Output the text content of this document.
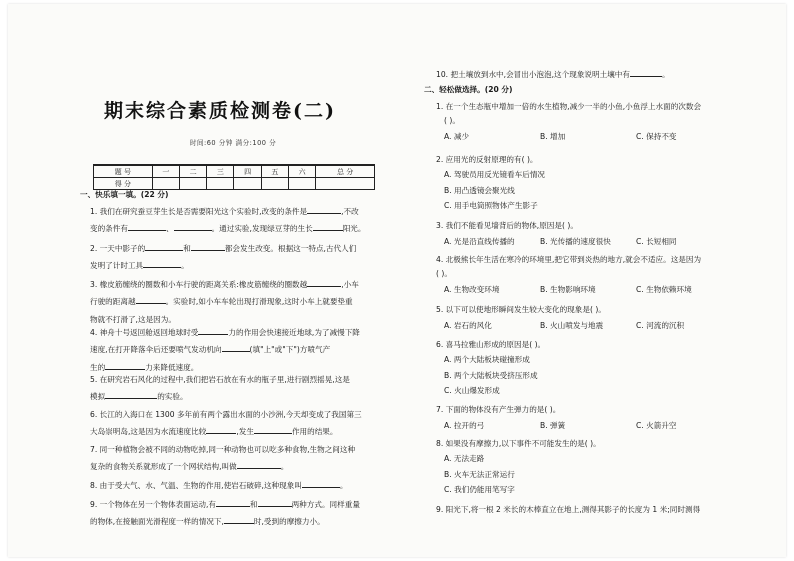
期末综合素质检测卷(二)
时间:60 分钟 满分:100 分
题 号	一	二	三	四	五	六	总 分
得 分							
一、快乐填一填。(22 分)
1. 我们在研究蚕豆芽生长是否需要阳光这个实验时,改变的条件是	,不改
变的条件有	、	。通过实验,发现绿豆芽的生长	阳光。
2. 一天中影子的	和	都会发生改变。根据这一特点,古代人们
发明了计时工具	。
3. 橡皮筋缠绕的圈数和小车行驶的距离关系:橡皮筋缠绕的圈数越	,小车
行驶的距离越	。实验时,如小车车轮出现打滑现象,这时小车上就要垫重
物就不打滑了,这是因为。
4. 神舟十号返回舱返回地球时受	力的作用会快速接近地球,为了减慢下降
速度,在打开降落伞后还要喷气发动机向	(填"上"或"下")方喷气产
生的	力来降低速度。
5. 在研究岩石风化的过程中,我们把岩石放在有水的瓶子里,进行剧烈摇晃,这是
模拟	的实验。
6. 长江的入海口在 1300 多年前有两个露出水面的小沙洲,今天却变成了我国第三
大岛崇明岛,这是因为水流速度比较	,发生	作用的结果。
7. 同一种植物会被不同的动物吃掉,同一种动物也可以吃多种食物,生物之间这种
复杂的食物关系就形成了一个网状结构,叫做	。
8. 由于受大气、水、气温、生物的作用,使岩石破碎,这种现象叫	。
9. 一个物体在另一个物体表面运动,有	和	两种方式。同样重量
的物体,在接触面光滑程度一样的情况下,	时,受到的摩擦力小。
10. 把土壤放到水中,会冒出小泡泡,这个现象说明土壤中有	。
二、轻松做选择。(20 分)
1. 在一个生态瓶中增加一倍的水生植物,减少一半的小鱼,小鱼浮上水面的次数会
( )。
A. 减少	B. 增加	C. 保持不变
2. 应用光的反射原理的有( )。
A. 驾驶员用反光镜看车后情况
B. 用凸透镜会聚光线
C. 用手电筒照物体产生影子
3. 我们不能看见墙背后的物体,原因是( )。
A. 光是沿直线传播的	B. 光传播的速度很快	C. 长短相同
4. 北极熊长年生活在寒冷的环境里,把它带到炎热的地方,就会不适应。这是因为
( )。
A. 生物改变环境	B. 生物影响环境	C. 生物依赖环境
5. 以下可以使地形瞬间发生较大变化的现象是( )。
A. 岩石的风化	B. 火山喷发与地震	C. 河流的沉积
6. 喜马拉雅山形成的原因是( )。
A. 两个大陆板块碰撞形成
B. 两个大陆板块受挤压形成
C. 火山爆发形成
7. 下面的物体没有产生弹力的是( )。
A. 拉开的弓	B. 弹簧	C. 火箭升空
8. 如果没有摩擦力,以下事件不可能发生的是( )。
A. 无法走路
B. 火车无法正常运行
C. 我们仍能用笔写字
9. 阳光下,将一根 2 米长的木棒直立在地上,测得其影子的长度为 1 米;同时测得
